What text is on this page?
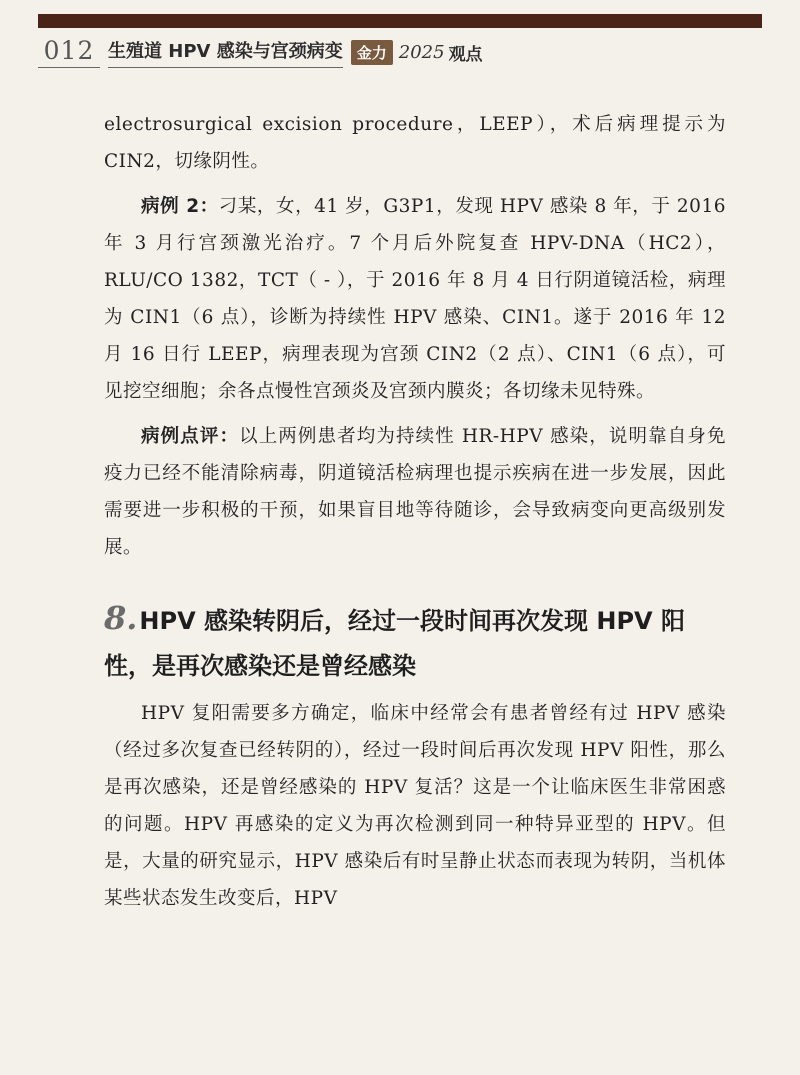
012 生殖道 HPV 感染与宫颈病变 金力 2025 观点

electrosurgical excision procedure，LEEP），术后病理提示为 CIN2，切缘阴性。

病例 2：刁某，女，41 岁，G3P1，发现 HPV 感染 8 年，于 2016 年 3 月行宫颈激光治疗。7 个月后外院复查 HPV-DNA（HC2），RLU/CO 1382，TCT（ - ），于 2016 年 8 月 4 日行阴道镜活检，病理为 CIN1（6 点），诊断为持续性 HPV 感染、CIN1。遂于 2016 年 12 月 16 日行 LEEP，病理表现为宫颈 CIN2（2 点）、CIN1（6 点），可见挖空细胞；余各点慢性宫颈炎及宫颈内膜炎；各切缘未见特殊。

病例点评：以上两例患者均为持续性 HR-HPV 感染，说明靠自身免疫力已经不能清除病毒，阴道镜活检病理也提示疾病在进一步发展，因此需要进一步积极的干预，如果盲目地等待随诊，会导致病变向更高级别发展。

8.HPV 感染转阴后，经过一段时间再次发现 HPV 阳性，是再次感染还是曾经感染

HPV 复阳需要多方确定，临床中经常会有患者曾经有过 HPV 感染（经过多次复查已经转阴的），经过一段时间后再次发现 HPV 阳性，那么是再次感染，还是曾经感染的 HPV 复活？这是一个让临床医生非常困惑的问题。HPV 再感染的定义为再次检测到同一种特异亚型的 HPV。但是，大量的研究显示，HPV 感染后有时呈静止状态而表现为转阴，当机体某些状态发生改变后，HPV
